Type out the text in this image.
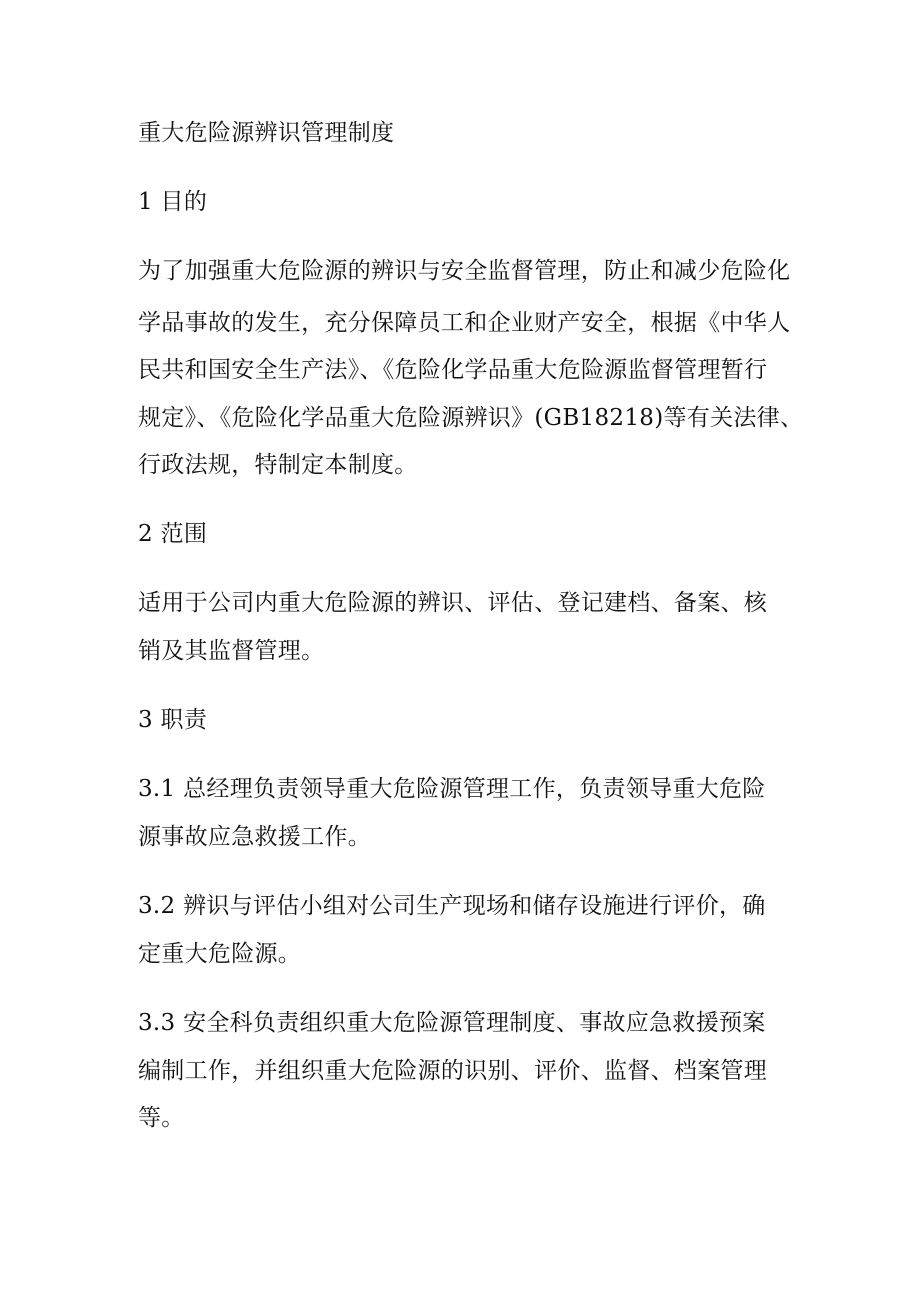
重大危险源辨识管理制度
1 目的
为了加强重大危险源的辨识与安全监督管理，防止和减少危险化
学品事故的发生，充分保障员工和企业财产安全，根据《中华人
民共和国安全生产法》、《危险化学品重大危险源监督管理暂行
规定》、《危险化学品重大危险源辨识》(GB18218)等有关法律、
行政法规，特制定本制度。
2 范围
适用于公司内重大危险源的辨识、评估、登记建档、备案、核
销及其监督管理。
3 职责
3.1 总经理负责领导重大危险源管理工作，负责领导重大危险
源事故应急救援工作。
3.2 辨识与评估小组对公司生产现场和储存设施进行评价，确
定重大危险源。
3.3 安全科负责组织重大危险源管理制度、事故应急救援预案
编制工作，并组织重大危险源的识别、评价、监督、档案管理
等。
